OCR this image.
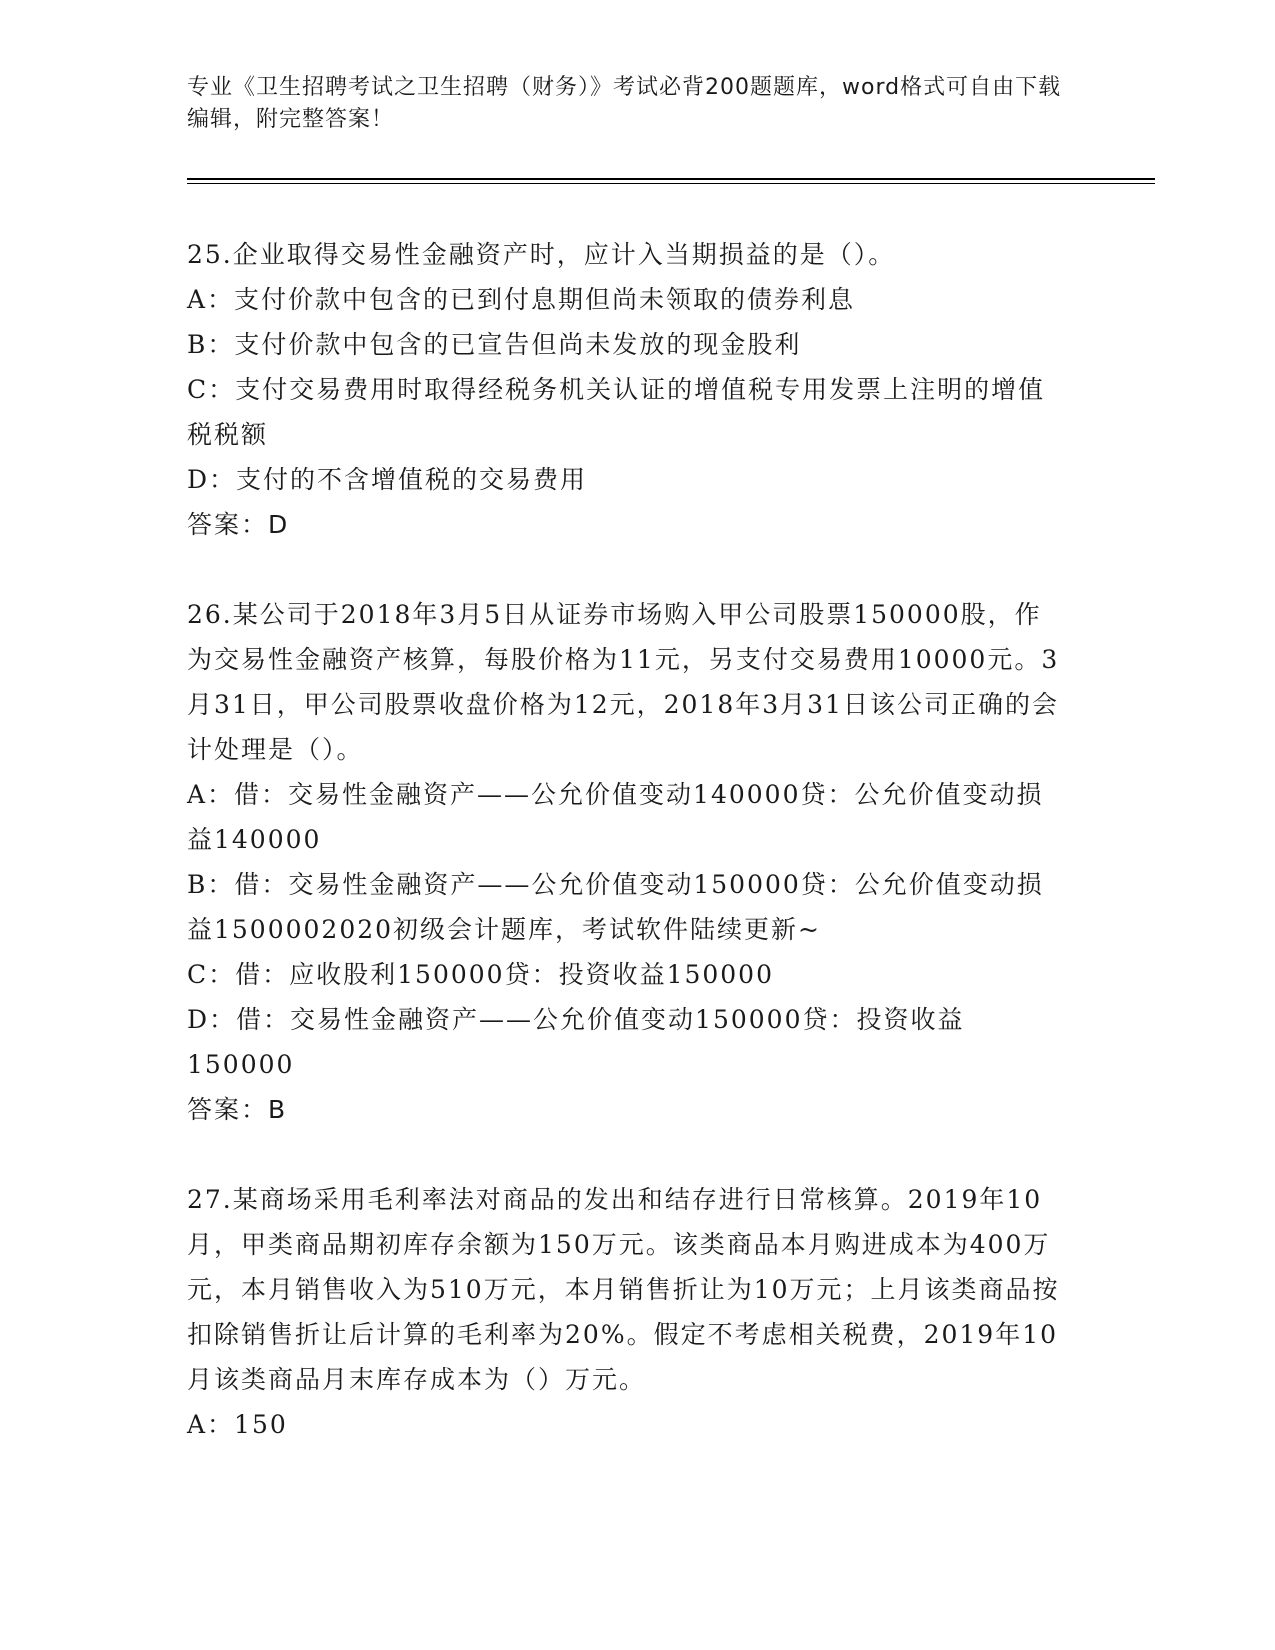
专业《卫生招聘考试之卫生招聘（财务）》考试必背200题题库，word格式可自由下载编辑，附完整答案！

25.企业取得交易性金融资产时，应计入当期损益的是（）。

A：支付价款中包含的已到付息期但尚未领取的债券利息

B：支付价款中包含的已宣告但尚未发放的现金股利

C：支付交易费用时取得经税务机关认证的增值税专用发票上注明的增值税税额

D：支付的不含增值税的交易费用

答案：D

26.某公司于2018年3月5日从证券市场购入甲公司股票150000股，作为交易性金融资产核算，每股价格为11元，另支付交易费用10000元。3月31日，甲公司股票收盘价格为12元，2018年3月31日该公司正确的会计处理是（）。

A：借：交易性金融资产——公允价值变动140000贷：公允价值变动损益140000

B：借：交易性金融资产——公允价值变动150000贷：公允价值变动损益1500002020初级会计题库，考试软件陆续更新~

C：借：应收股利150000贷：投资收益150000

D：借：交易性金融资产——公允价值变动150000贷：投资收益150000

答案：B

27.某商场采用毛利率法对商品的发出和结存进行日常核算。2019年10月，甲类商品期初库存余额为150万元。该类商品本月购进成本为400万元，本月销售收入为510万元，本月销售折让为10万元；上月该类商品按扣除销售折让后计算的毛利率为20%。假定不考虑相关税费，2019年10月该类商品月末库存成本为（）万元。

A：150
